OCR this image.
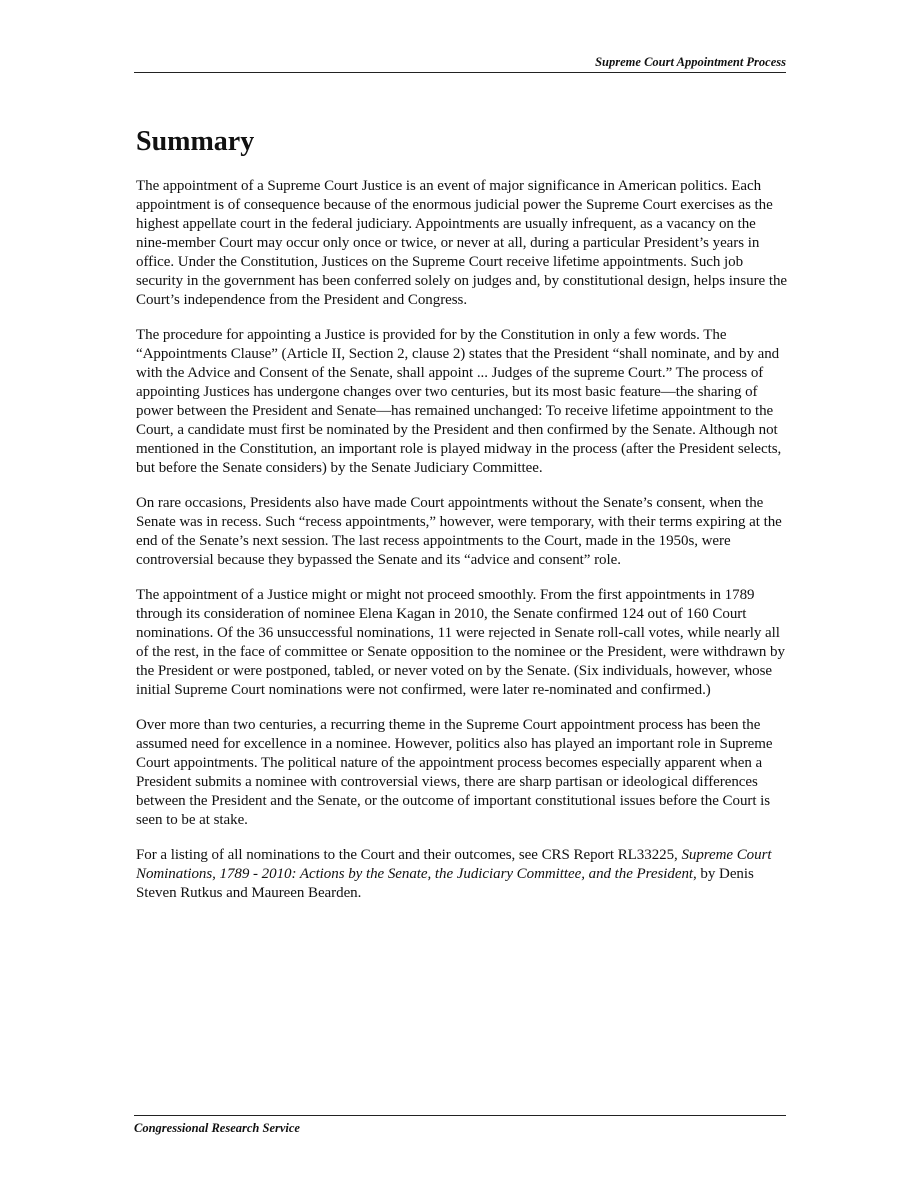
Supreme Court Appointment Process
Summary

The appointment of a Supreme Court Justice is an event of major significance in American politics. Each appointment is of consequence because of the enormous judicial power the Supreme Court exercises as the highest appellate court in the federal judiciary. Appointments are usually infrequent, as a vacancy on the nine-member Court may occur only once or twice, or never at all, during a particular President’s years in office. Under the Constitution, Justices on the Supreme Court receive lifetime appointments. Such job security in the government has been conferred solely on judges and, by constitutional design, helps insure the Court’s independence from the President and Congress.

The procedure for appointing a Justice is provided for by the Constitution in only a few words. The “Appointments Clause” (Article II, Section 2, clause 2) states that the President “shall nominate, and by and with the Advice and Consent of the Senate, shall appoint ... Judges of the supreme Court.” The process of appointing Justices has undergone changes over two centuries, but its most basic feature—the sharing of power between the President and Senate—has remained unchanged: To receive lifetime appointment to the Court, a candidate must first be nominated by the President and then confirmed by the Senate. Although not mentioned in the Constitution, an important role is played midway in the process (after the President selects, but before the Senate considers) by the Senate Judiciary Committee.

On rare occasions, Presidents also have made Court appointments without the Senate’s consent, when the Senate was in recess. Such “recess appointments,” however, were temporary, with their terms expiring at the end of the Senate’s next session. The last recess appointments to the Court, made in the 1950s, were controversial because they bypassed the Senate and its “advice and consent” role.

The appointment of a Justice might or might not proceed smoothly. From the first appointments in 1789 through its consideration of nominee Elena Kagan in 2010, the Senate confirmed 124 out of 160 Court nominations. Of the 36 unsuccessful nominations, 11 were rejected in Senate roll-call votes, while nearly all of the rest, in the face of committee or Senate opposition to the nominee or the President, were withdrawn by the President or were postponed, tabled, or never voted on by the Senate. (Six individuals, however, whose initial Supreme Court nominations were not confirmed, were later re-nominated and confirmed.)

Over more than two centuries, a recurring theme in the Supreme Court appointment process has been the assumed need for excellence in a nominee. However, politics also has played an important role in Supreme Court appointments. The political nature of the appointment process becomes especially apparent when a President submits a nominee with controversial views, there are sharp partisan or ideological differences between the President and the Senate, or the outcome of important constitutional issues before the Court is seen to be at stake.

For a listing of all nominations to the Court and their outcomes, see CRS Report RL33225, Supreme Court Nominations, 1789 - 2010: Actions by the Senate, the Judiciary Committee, and the President, by Denis Steven Rutkus and Maureen Bearden.

Congressional Research Service
